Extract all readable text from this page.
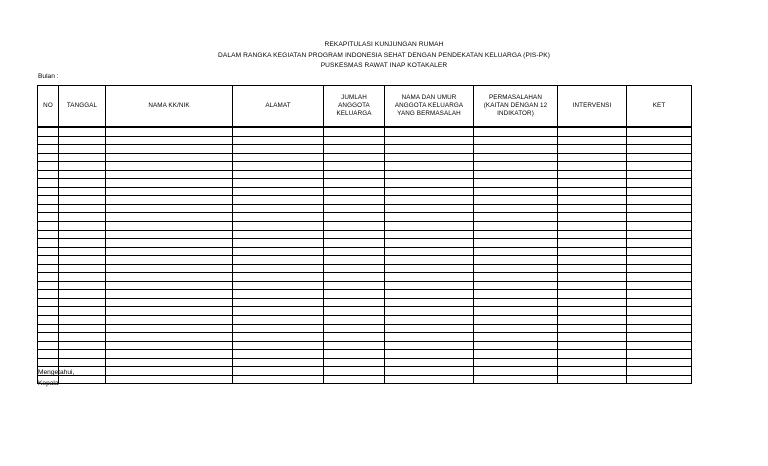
REKAPITULASI KUNJUNGAN RUMAH
DALAM RANGKA KEGIATAN PROGRAM INDONESIA SEHAT DENGAN PENDEKATAN KELUARGA (PIS-PK)
PUSKESMAS RAWAT INAP KOTAKALER
Bulan :
NO	TANGGAL	NAMA KK/NIK	ALAMAT	JUMLAH
ANGGOTA
KELUARGA	NAMA DAN UMUR
ANGGOTA KELUARGA
YANG BERMASALAH	PERMASALAHAN
(KAITAN DENGAN 12
INDIKATOR)	INTERVENSI	KET

Mengetahui,
Kepala
